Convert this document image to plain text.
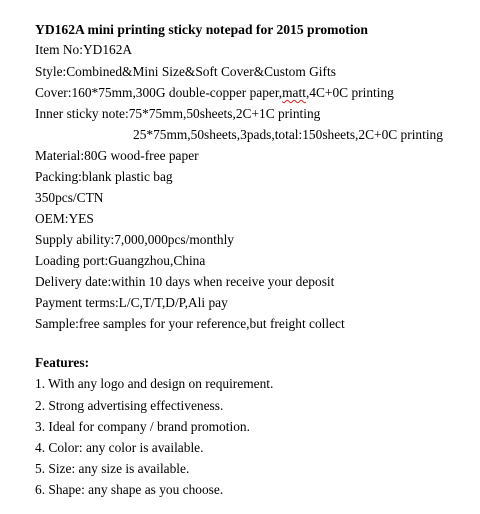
YD162A mini printing sticky notepad for 2015 promotion
Item No:YD162A
Style:Combined&Mini Size&Soft Cover&Custom Gifts
Cover:160*75mm,300G double-copper paper,matt,4C+0C printing
Inner sticky note:75*75mm,50sheets,2C+1C printing
25*75mm,50sheets,3pads,total:150sheets,2C+0C printing
Material:80G wood-free paper
Packing:blank plastic bag
350pcs/CTN
OEM:YES
Supply ability:7,000,000pcs/monthly
Loading port:Guangzhou,China
Delivery date:within 10 days when receive your deposit
Payment terms:L/C,T/T,D/P,Ali pay
Sample:free samples for your reference,but freight collect
Features:
1. With any logo and design on requirement.
2. Strong advertising effectiveness.
3. Ideal for company / brand promotion.
4. Color: any color is available.
5. Size: any size is available.
6. Shape: any shape as you choose.
